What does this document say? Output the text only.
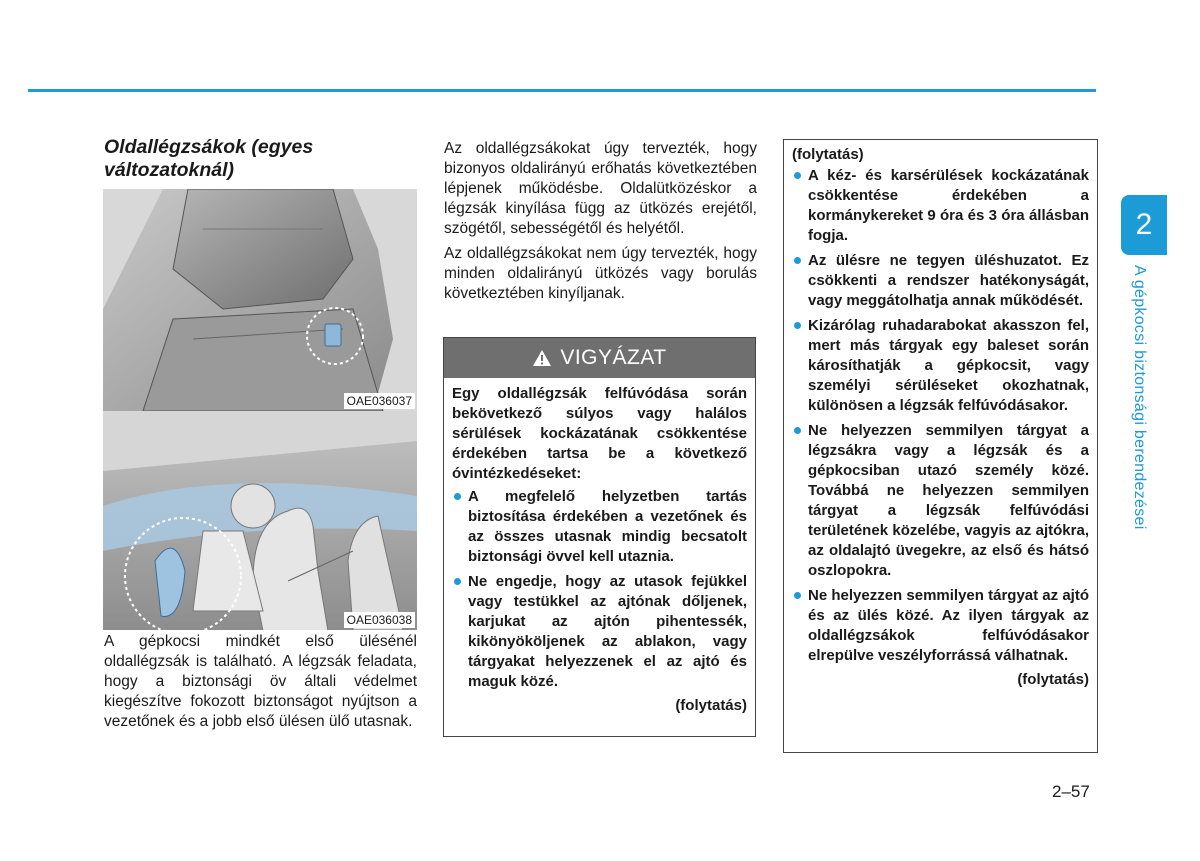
Oldallégzsákok (egyes változatoknál)
OAE036037
OAE036038

A gépkocsi mindkét első ülésénél oldallégzsák is található. A légzsák feladata, hogy a biztonsági öv általi védelmet kiegészítve fokozott biztonságot nyújtson a vezetőnek és a jobb első ülésen ülő utasnak.

Az oldallégzsákokat úgy tervezték, hogy bizonyos oldalirányú erőhatás következtében lépjenek működésbe. Oldalütközéskor a légzsák kinyílása függ az ütközés erejétől, szögétől, sebességétől és helyétől.

Az oldallégzsákokat nem úgy tervezték, hogy minden oldalirányú ütközés vagy borulás következtében kinyíljanak.

VIGYÁZAT

Egy oldallégzsák felfúvódása során bekövetkező súlyos vagy halálos sérülések kockázatának csökkentése érdekében tartsa be a következő óvintézkedéseket:

A megfelelő helyzetben tartás biztosítása érdekében a vezetőnek és az összes utasnak mindig becsatolt biztonsági övvel kell utaznia.
Ne engedje, hogy az utasok fejükkel vagy testükkel az ajtónak dőljenek, karjukat az ajtón pihentessék, kikönyököljenek az ablakon, vagy tárgyakat helyezzenek el az ajtó és maguk közé.

(folytatás)

(folytatás)

A kéz- és karsérülések kockázatának csökkentése érdekében a kormánykereket 9 óra és 3 óra állásban fogja.
Az ülésre ne tegyen üléshuzatot. Ez csökkenti a rendszer hatékonyságát, vagy meggátolhatja annak működését.
Kizárólag ruhadarabokat akasszon fel, mert más tárgyak egy baleset során károsíthatják a gépkocsit, vagy személyi sérüléseket okozhatnak, különösen a légzsák felfúvódásakor.
Ne helyezzen semmilyen tárgyat a légzsákra vagy a légzsák és a gépkocsiban utazó személy közé. Továbbá ne helyezzen semmilyen tárgyat a légzsák felfúvódási területének közelébe, vagyis az ajtókra, az oldalajtó üvegekre, az első és hátsó oszlopokra.
Ne helyezzen semmilyen tárgyat az ajtó és az ülés közé. Az ilyen tárgyak az oldallégzsákok felfúvódásakor elrepülve veszélyforrássá válhatnak.

(folytatás)

2
A gépkocsi biztonsági berendezései
2–57
